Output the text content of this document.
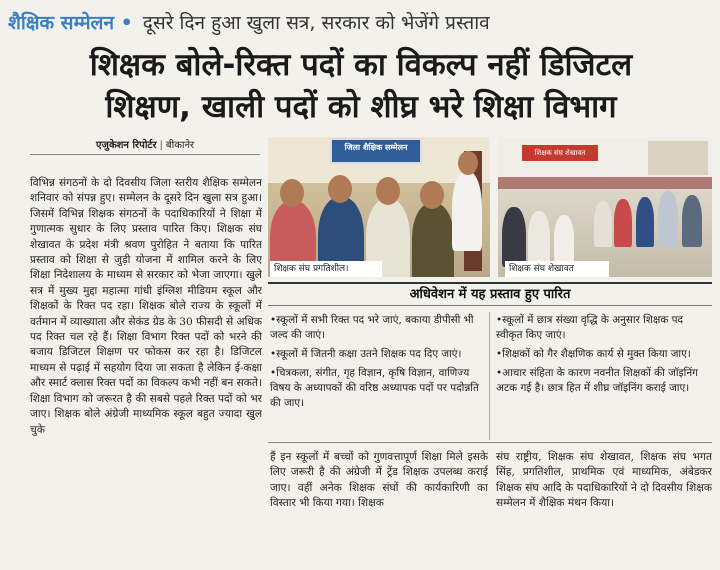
शैक्षिक सम्मेलन • दूसरे दिन हुआ खुला सत्र, सरकार को भेजेंगे प्रस्ताव
शिक्षक बोले-रिक्त पदों का विकल्प नहीं डिजिटल
शिक्षण, खाली पदों को शीघ्र भरे शिक्षा विभाग
एजुकेशन रिपोर्टर | बीकानेर
विभिन्न संगठनों के दो दिवसीय जिला स्तरीय शैक्षिक सम्मेलन शनिवार को संपन्न हुए। सम्मेलन के दूसरे दिन खुला सत्र हुआ। जिसमें विभिन्न शिक्षक संगठनों के पदाधिकारियों ने शिक्षा में गुणात्मक सुधार के लिए प्रस्ताव पारित किए। शिक्षक संघ शेखावत के प्रदेश मंत्री श्रवण पुरोहित ने बताया कि पारित प्रस्ताव को शिक्षा से जुड़ी योजना में शामिल करने के लिए शिक्षा निदेशालय के माध्यम से सरकार को भेजा जाएगा। खुले सत्र में मुख्य मुद्दा महात्मा गांधी इंग्लिश मीडियम स्कूल और शिक्षकों के रिक्त पद रहा। शिक्षक बोले राज्य के स्कूलों में वर्तमान में व्याख्याता और सेकंड ग्रेड के 30 फीसदी से अधिक पद रिक्त चल रहे हैं। शिक्षा विभाग रिक्त पदों को भरने की बजाय डिजिटल शिक्षण पर फोकस कर रहा है। डिजिटल माध्यम से पढ़ाई में सहयोग दिया जा सकता है लेकिन ई-कक्षा और स्मार्ट क्लास रिक्त पदों का विकल्प कभी नहीं बन सकते। शिक्षा विभाग को जरूरत है की सबसे पहले रिक्त पदों को भर जाए। शिक्षक बोले अंग्रेजी माध्यमिक स्कूल बहुत ज्यादा खुल चुके
जिला शैक्षिक सम्मेलन
शिक्षक संघ प्रगतिशील।
शिक्षक संघ शेखावत
शिक्षक संघ शेखावत
अधिवेशन में यह प्रस्ताव हुए पारित

•स्कूलों में सभी रिक्त पद भरे जाएं, बकाया डीपीसी भी जल्द की जाएं।

•स्कूलों में जितनी कक्षा उतने शिक्षक पद दिए जाएं।

•चित्रकला, संगीत, गृह विज्ञान, कृषि विज्ञान, वाणिज्य विषय के अध्यापकों की वरिष्ठ अध्यापक पदों पर पदोन्नति की जाए।

•स्कूलों में छात्र संख्या वृद्धि के अनुसार शिक्षक पद स्वीकृत किए जाएं।

•शिक्षकों को गैर शैक्षणिक कार्य से मुक्त किया जाए।

•आचार संहिता के कारण नवनीत शिक्षकों की जॉइनिंग अटक गई है। छात्र हित में शीघ्र जॉइनिंग कराई जाए।

हैं इन स्कूलों में बच्चों को गुणवत्तापूर्ण शिक्षा मिले इसके लिए जरूरी है की अंग्रेजी में ट्रेंड शिक्षक उपलब्ध कराई जाए। वहीं अनेक शिक्षक संघों की कार्यकारिणी का विस्तार भी किया गया। शिक्षक
संघ राष्ट्रीय, शिक्षक संघ शेखावत, शिक्षक संघ भगत सिंह, प्रगतिशील, प्राथमिक एवं माध्यमिक, अंबेडकर शिक्षक संघ आदि के पदाधिकारियों ने दो दिवसीय शिक्षक सम्मेलन में शैक्षिक मंथन किया।
